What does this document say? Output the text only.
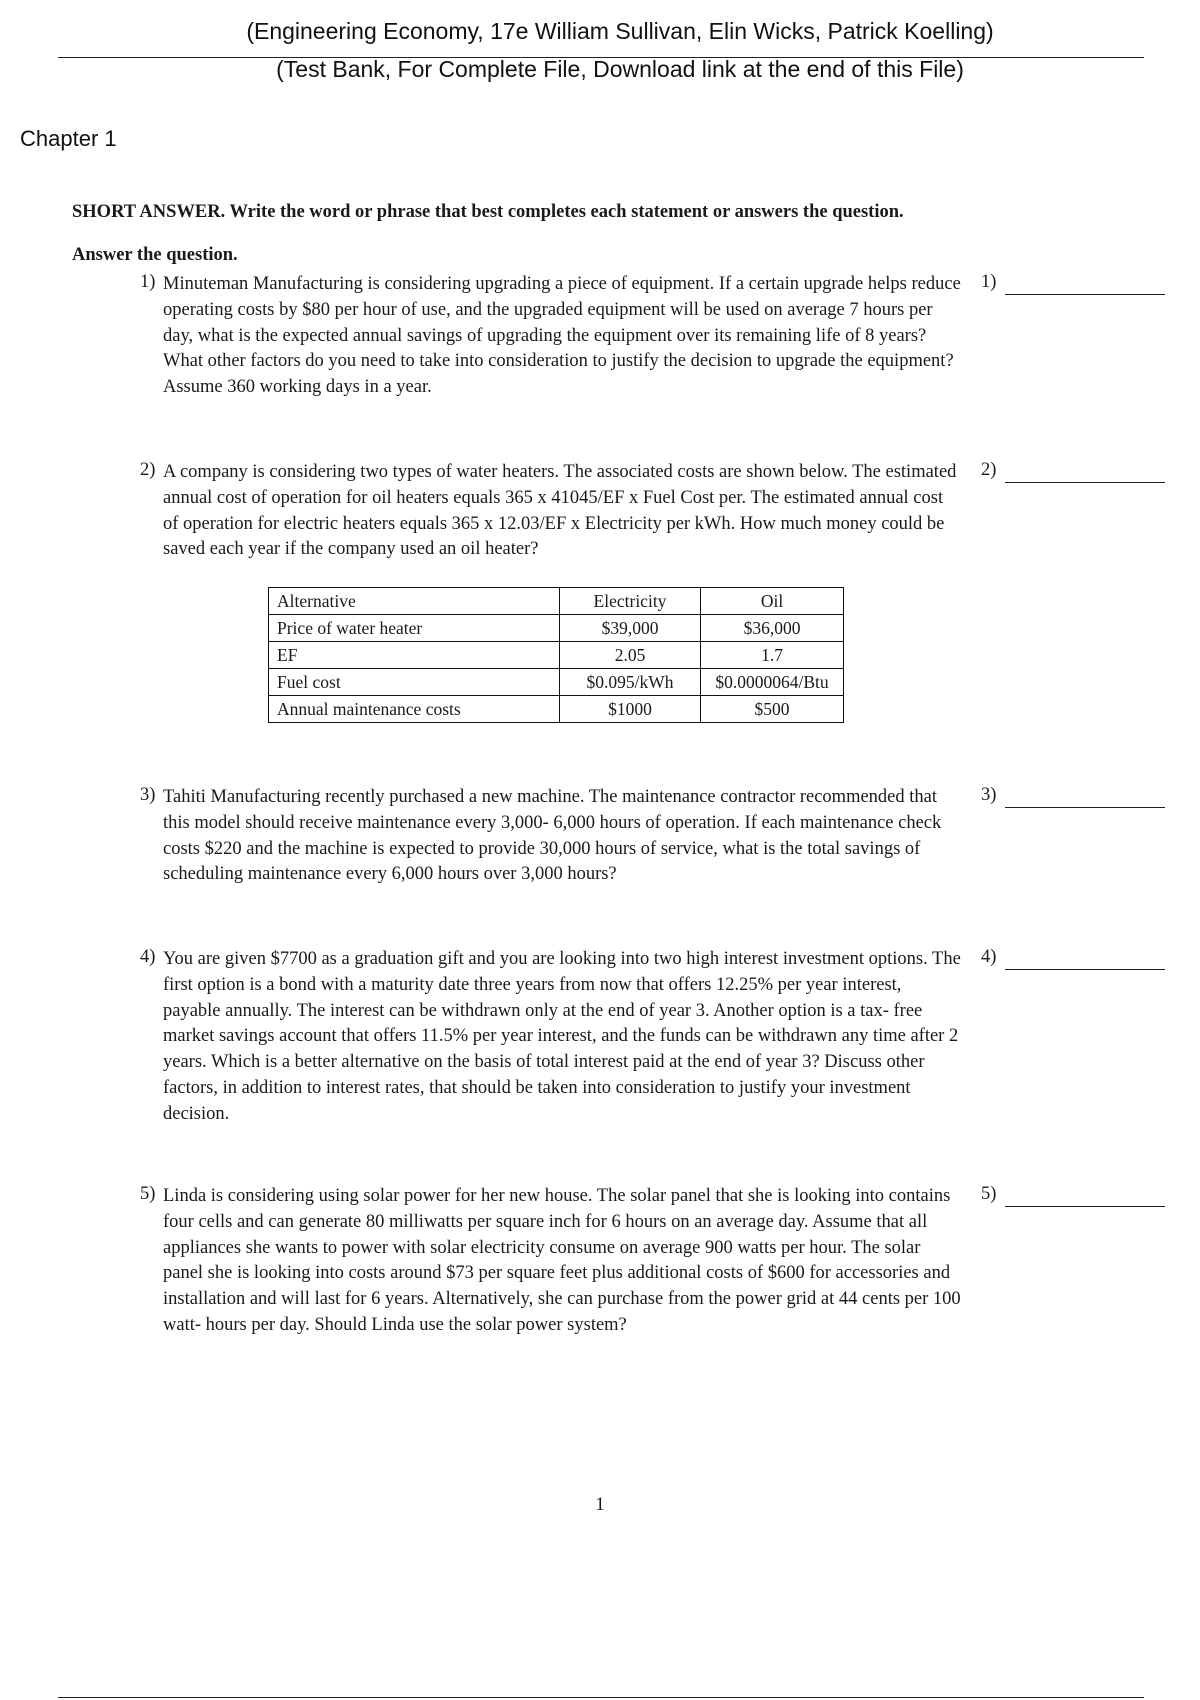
(Engineering Economy, 17e William Sullivan, Elin Wicks, Patrick Koelling)
(Test Bank, For Complete File, Download link at the end of this File)
Chapter 1
SHORT ANSWER. Write the word or phrase that best completes each statement or answers the question.
Answer the question.
1) Minuteman Manufacturing is considering upgrading a piece of equipment. If a certain upgrade helps reduce operating costs by $80 per hour of use, and the upgraded equipment will be used on average 7 hours per day, what is the expected annual savings of upgrading the equipment over its remaining life of 8 years? What other factors do you need to take into consideration to justify the decision to upgrade the equipment? Assume 360 working days in a year.
1)
2) A company is considering two types of water heaters. The associated costs are shown below. The estimated annual cost of operation for oil heaters equals 365 x 41045/EF x Fuel Cost per. The estimated annual cost of operation for electric heaters equals 365 x 12.03/EF x Electricity per kWh. How much money could be saved each year if the company used an oil heater?
2)
Alternative	Electricity	Oil
Price of water heater	$39,000	$36,000
EF	2.05	1.7
Fuel cost	$0.095/kWh	$0.0000064/Btu
Annual maintenance costs	$1000	$500
3) Tahiti Manufacturing recently purchased a new machine. The maintenance contractor recommended that this model should receive maintenance every 3,000- 6,000 hours of operation. If each maintenance check costs $220 and the machine is expected to provide 30,000 hours of service, what is the total savings of scheduling maintenance every 6,000 hours over 3,000 hours?
3)
4) You are given $7700 as a graduation gift and you are looking into two high interest investment options. The first option is a bond with a maturity date three years from now that offers 12.25% per year interest, payable annually. The interest can be withdrawn only at the end of year 3. Another option is a tax- free market savings account that offers 11.5% per year interest, and the funds can be withdrawn any time after 2 years. Which is a better alternative on the basis of total interest paid at the end of year 3? Discuss other factors, in addition to interest rates, that should be taken into consideration to justify your investment decision.
4)
5) Linda is considering using solar power for her new house. The solar panel that she is looking into contains four cells and can generate 80 milliwatts per square inch for 6 hours on an average day. Assume that all appliances she wants to power with solar electricity consume on average 900 watts per hour. The solar panel she is looking into costs around $73 per square feet plus additional costs of $600 for accessories and installation and will last for 6 years. Alternatively, she can purchase from the power grid at 44 cents per 100 watt- hours per day. Should Linda use the solar power system?
5)
1
